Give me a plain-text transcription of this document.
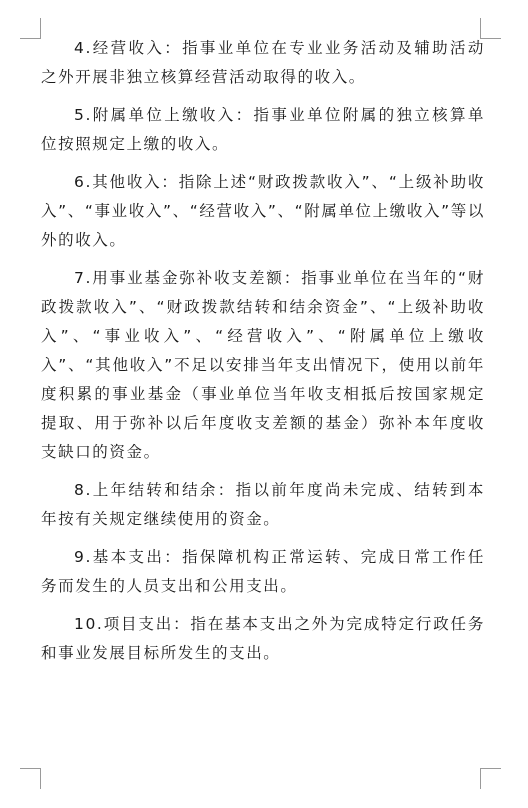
4.经营收入：指事业单位在专业业务活动及辅助活动之外开展非独立核算经营活动取得的收入。

5.附属单位上缴收入：指事业单位附属的独立核算单位按照规定上缴的收入。

6.其他收入：指除上述“财政拨款收入”、“上级补助收入”、“事业收入”、“经营收入”、“附属单位上缴收入”等以外的收入。

7.用事业基金弥补收支差额：指事业单位在当年的“财政拨款收入”、“财政拨款结转和结余资金”、“上级补助收入”、“事业收入”、“经营收入”、“附属单位上缴收入”、“其他收入”不足以安排当年支出情况下，使用以前年度积累的事业基金（事业单位当年收支相抵后按国家规定提取、用于弥补以后年度收支差额的基金）弥补本年度收支缺口的资金。

8.上年结转和结余：指以前年度尚未完成、结转到本年按有关规定继续使用的资金。

9.基本支出：指保障机构正常运转、完成日常工作任务而发生的人员支出和公用支出。

10.项目支出：指在基本支出之外为完成特定行政任务和事业发展目标所发生的支出。
